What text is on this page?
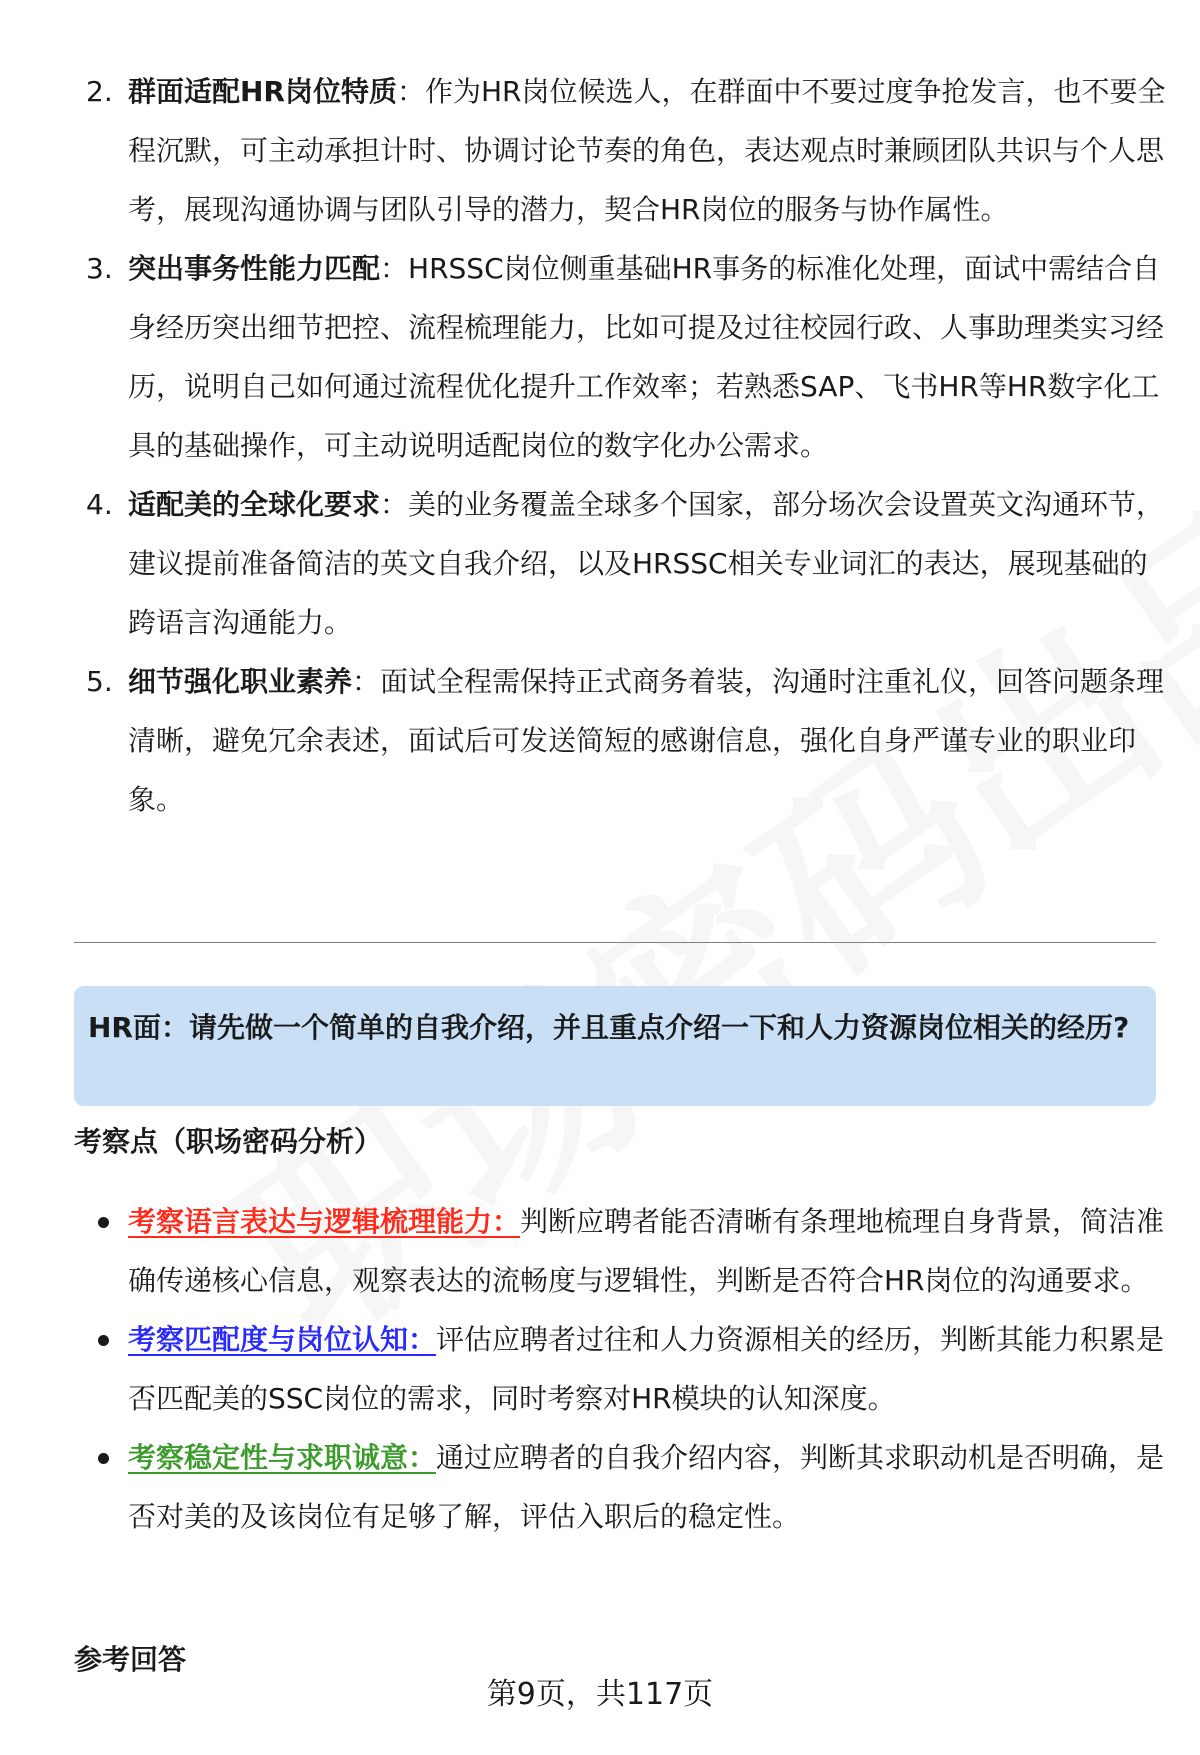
2. 群面适配HR岗位特质：作为HR岗位候选人，在群面中不要过度争抢发言，也不要全程沉默，可主动承担计时、协调讨论节奏的角色，表达观点时兼顾团队共识与个人思考，展现沟通协调与团队引导的潜力，契合HR岗位的服务与协作属性。
3. 突出事务性能力匹配：HRSSC岗位侧重基础HR事务的标准化处理，面试中需结合自身经历突出细节把控、流程梳理能力，比如可提及过往校园行政、人事助理类实习经历，说明自己如何通过流程优化提升工作效率；若熟悉SAP、飞书HR等HR数字化工具的基础操作，可主动说明适配岗位的数字化办公需求。
4. 适配美的全球化要求：美的业务覆盖全球多个国家，部分场次会设置英文沟通环节，建议提前准备简洁的英文自我介绍，以及HRSSC相关专业词汇的表达，展现基础的跨语言沟通能力。
5. 细节强化职业素养：面试全程需保持正式商务着装，沟通时注重礼仪，回答问题条理清晰，避免冗余表述，面试后可发送简短的感谢信息，强化自身严谨专业的职业印象。
HR面：请先做一个简单的自我介绍，并且重点介绍一下和人力资源岗位相关的经历?
考察点（职场密码分析）
考察语言表达与逻辑梳理能力：判断应聘者能否清晰有条理地梳理自身背景，简洁准确传递核心信息，观察表达的流畅度与逻辑性，判断是否符合HR岗位的沟通要求。
考察匹配度与岗位认知：评估应聘者过往和人力资源相关的经历，判断其能力积累是否匹配美的SSC岗位的需求，同时考察对HR模块的认知深度。
考察稳定性与求职诚意：通过应聘者的自我介绍内容，判断其求职动机是否明确，是否对美的及该岗位有足够了解，评估入职后的稳定性。
参考回答
第9页，共117页
